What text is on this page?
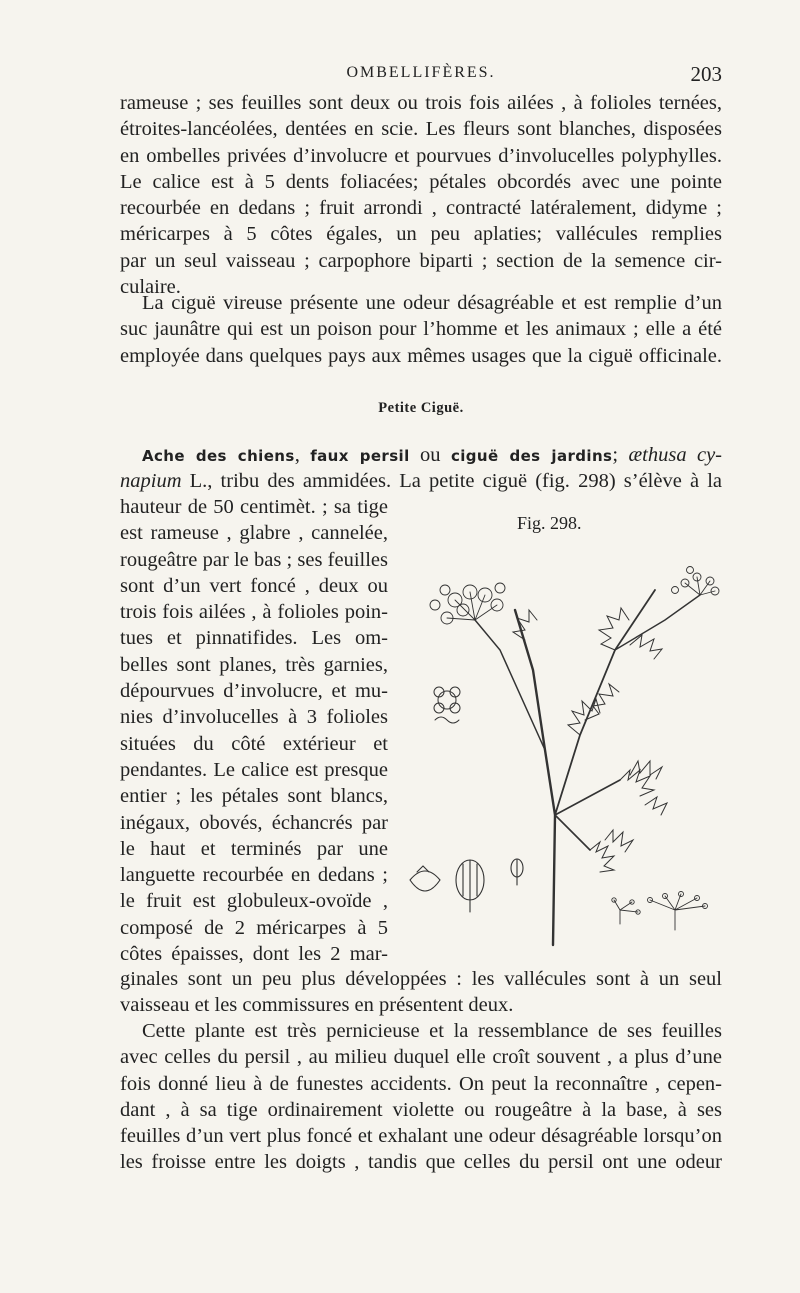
OMBELLIFÈRES.	203
rameuse ; ses feuilles sont deux ou trois fois ailées , à folioles ternées,
étroites-lancéolées, dentées en scie. Les fleurs sont blanches, disposées
en ombelles privées d’involucre et pourvues d’involucelles polyphylles.
Le calice est à 5 dents foliacées; pétales obcordés avec une pointe
recourbée en dedans ; fruit arrondi , contracté latéralement, didyme ;
méricarpes à 5 côtes égales, un peu aplaties; vallécules remplies
par un seul vaisseau ; carpophore biparti ; section de la semence cir-
culaire.
La ciguë vireuse présente une odeur désagréable et est remplie d’un
suc jaunâtre qui est un poison pour l’homme et les animaux ; elle a été
employée dans quelques pays aux mêmes usages que la ciguë officinale.
Petite Ciguë.
Ache des chiens, faux persil ou ciguë des jardins; æthusa cy-
napium L., tribu des ammidées. La petite ciguë (fig. 298) s’élève à la
hauteur de 50 centimèt. ; sa tige
est rameuse , glabre , cannelée,
rougeâtre par le bas ; ses feuilles
sont d’un vert foncé , deux ou
trois fois ailées , à folioles poin-
tues et pinnatifides. Les om-
belles sont planes, très garnies,
dépourvues d’involucre, et mu-
nies d’involucelles à 3 folioles
situées du côté extérieur et
pendantes. Le calice est presque
entier ; les pétales sont blancs,
inégaux, obovés, échancrés par
le haut et terminés par une
languette recourbée en dedans ;
le fruit est globuleux-ovoïde ,
composé de 2 méricarpes à 5
côtes épaisses, dont les 2 mar-
Fig. 298.
ginales sont un peu plus développées : les vallécules sont à un seul
vaisseau et les commissures en présentent deux.
Cette plante est très pernicieuse et la ressemblance de ses feuilles
avec celles du persil , au milieu duquel elle croît souvent , a plus d’une
fois donné lieu à de funestes accidents. On peut la reconnaître , cepen-
dant , à sa tige ordinairement violette ou rougeâtre à la base, à ses
feuilles d’un vert plus foncé et exhalant une odeur désagréable lorsqu’on
les froisse entre les doigts , tandis que celles du persil ont une odeur
